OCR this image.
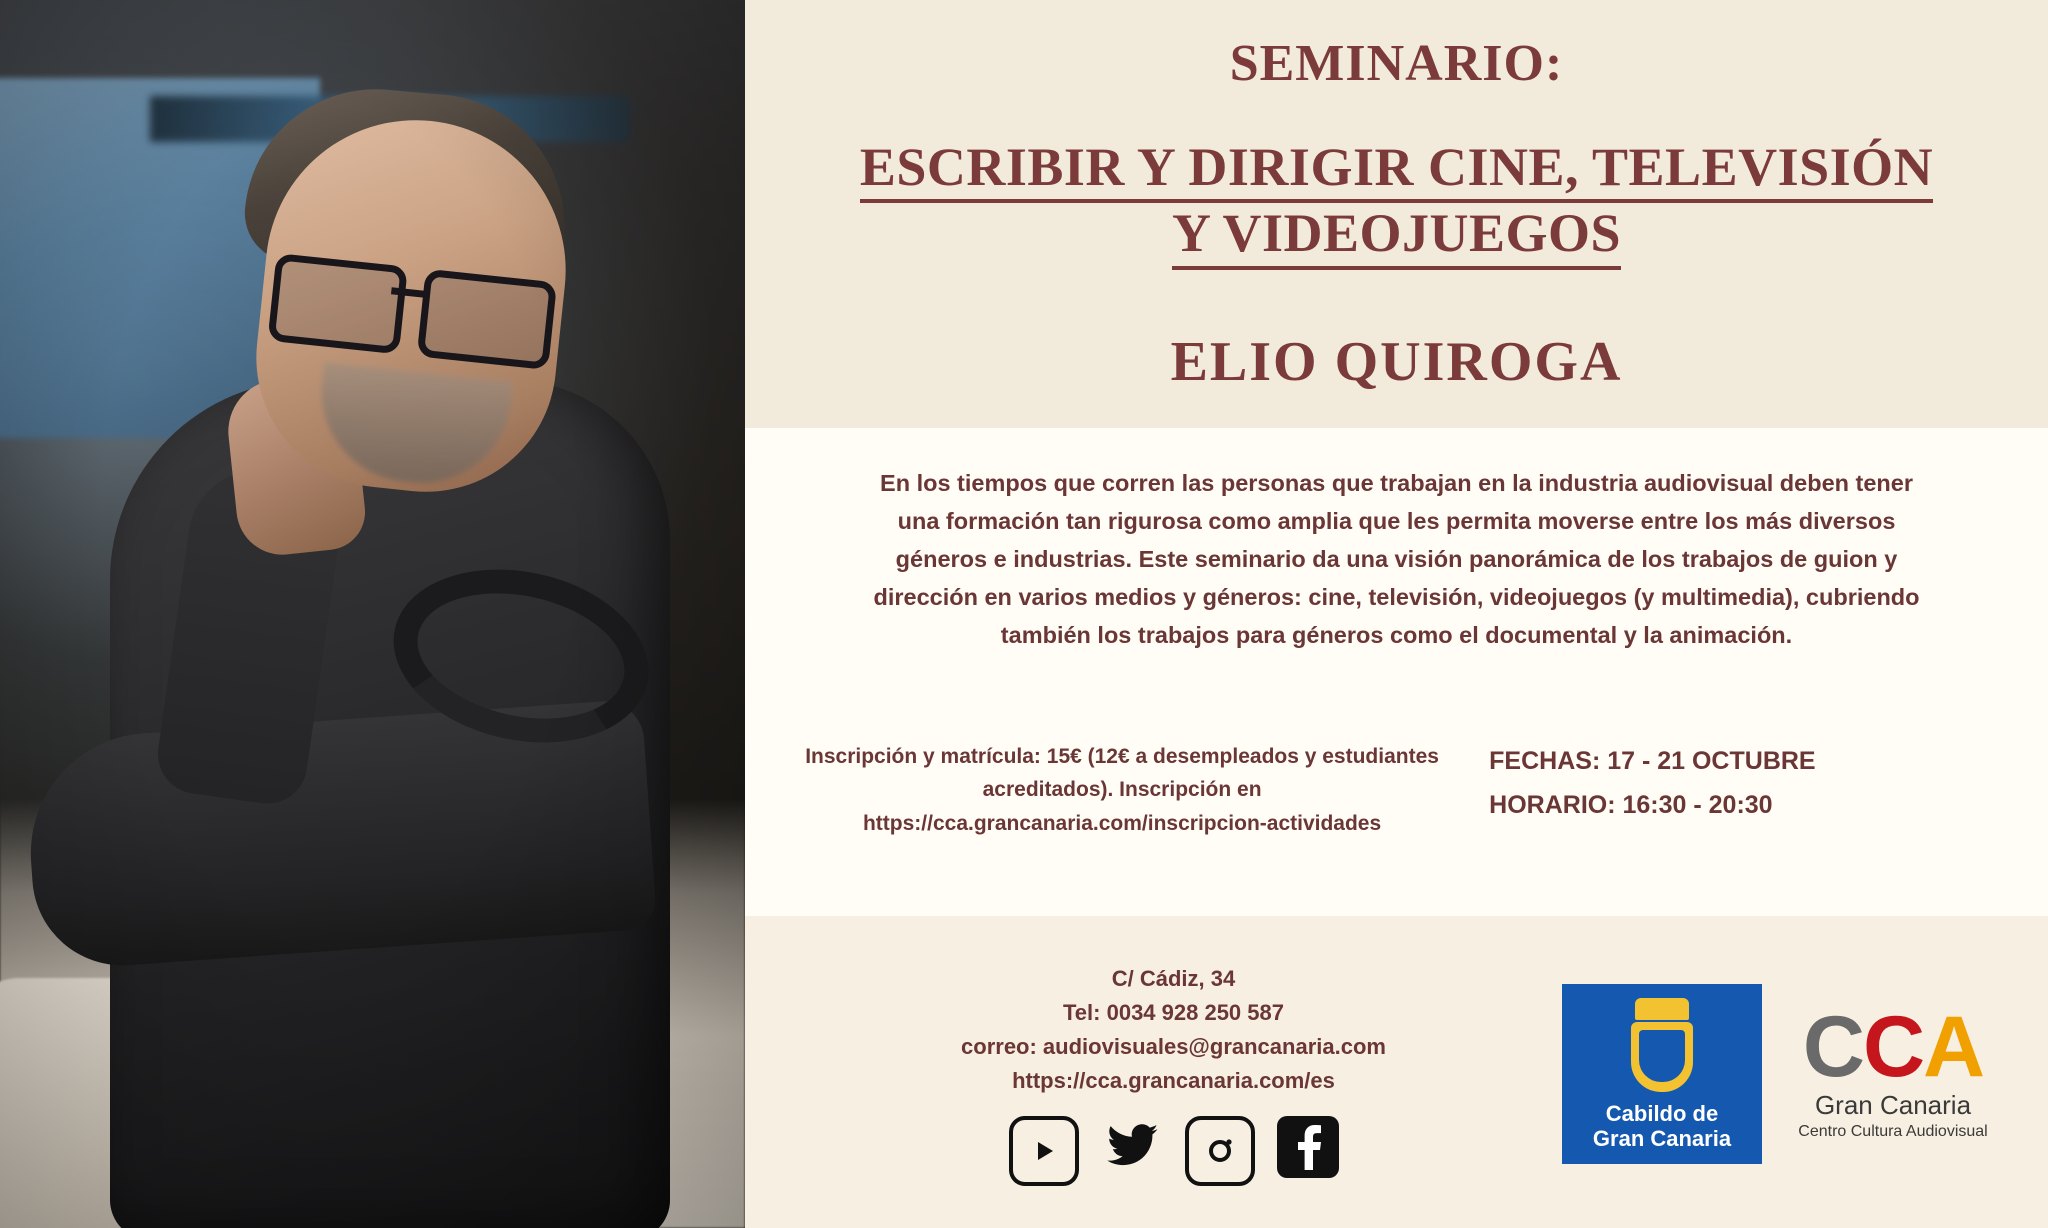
SEMINARIO:
ESCRIBIR Y DIRIGIR CINE, TELEVISIÓN
Y VIDEOJUEGOS
ELIO QUIROGA

En los tiempos que corren las personas que trabajan en la industria audiovisual deben tener una formación tan rigurosa como amplia que les permita moverse entre los más diversos géneros e industrias. Este seminario da una visión panorámica de los trabajos de guion y dirección en varios medios y géneros: cine, televisión, videojuegos (y multimedia), cubriendo también los trabajos para géneros como el documental y la animación.

Inscripción y matrícula: 15€ (12€ a desempleados y estudiantes acreditados). Inscripción en https://cca.grancanaria.com/inscripcion-actividades
FECHAS: 17 - 21 OCTUBRE
HORARIO: 16:30 - 20:30
C/ Cádiz, 34
Tel: 0034 928 250 587
correo: audiovisuales@grancanaria.com
https://cca.grancanaria.com/es
Cabildo de
Gran Canaria
CCA
Gran Canaria
Centro Cultura Audiovisual
